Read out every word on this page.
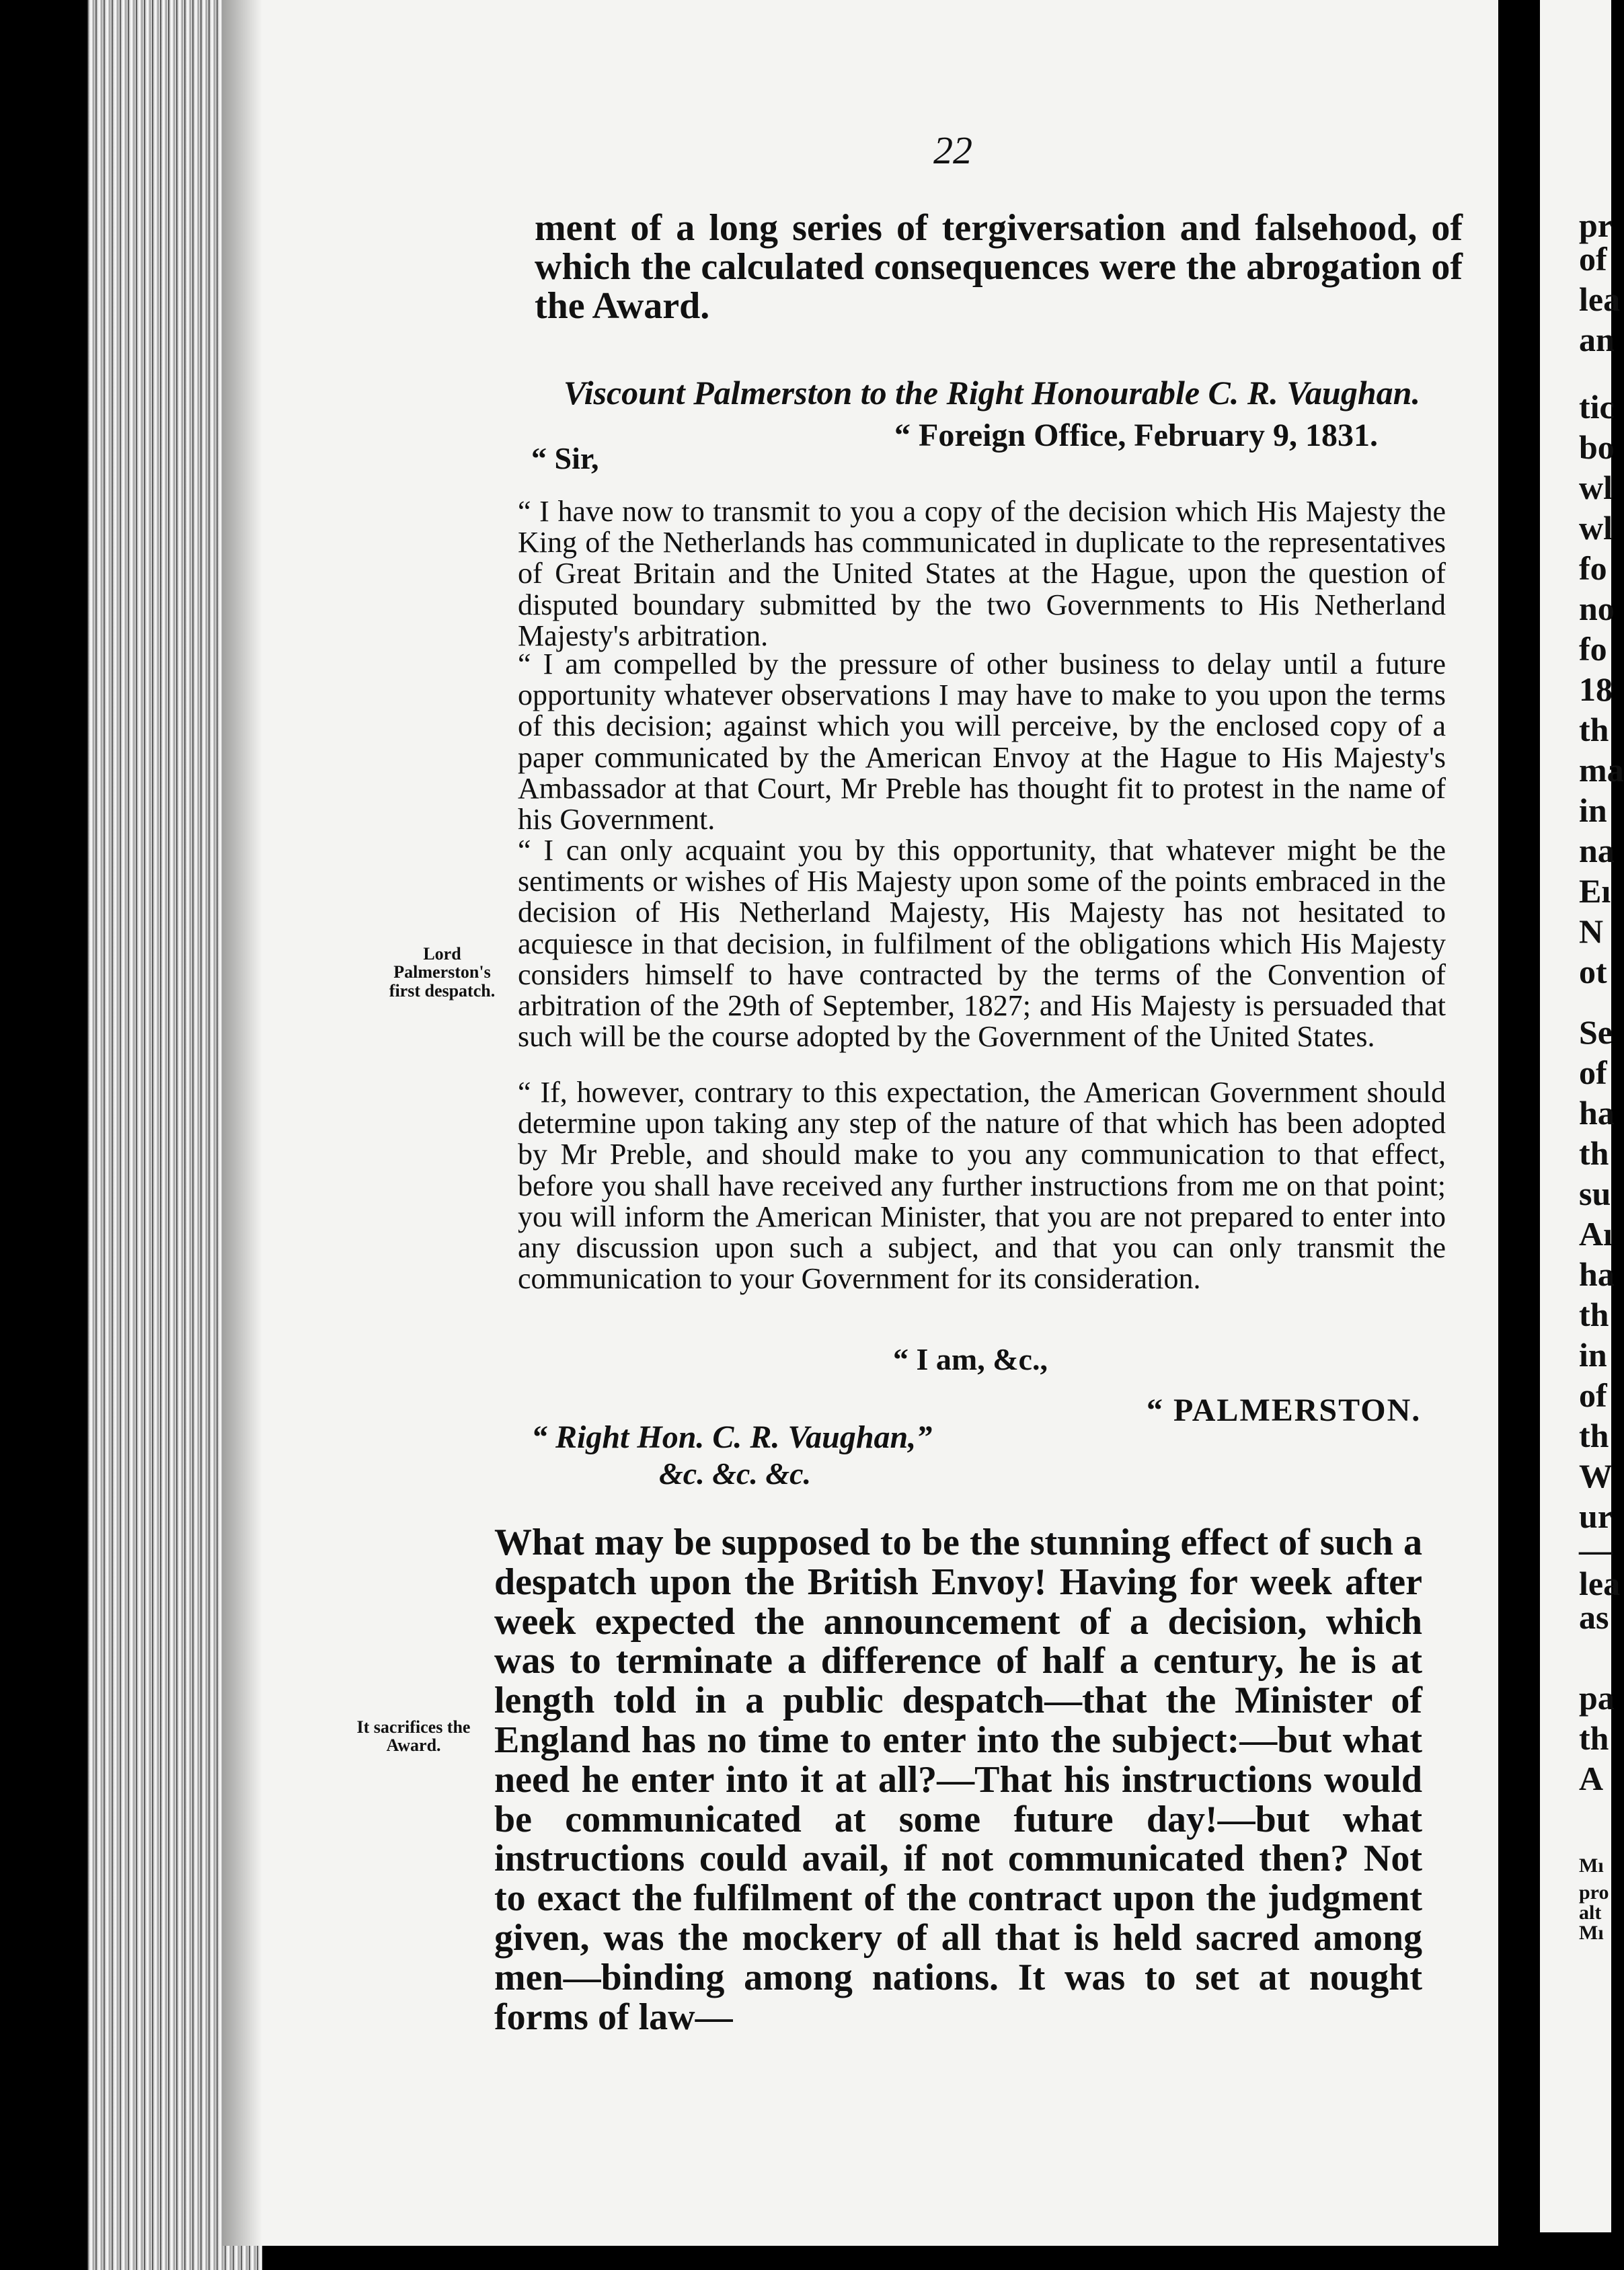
22
ment of a long series of tergiversation and falsehood, of which the calculated consequences were the abrogation of the Award.
Viscount Palmerston to the Right Honourable C. R. Vaughan.
“ Foreign Office, February 9, 1831.
“ Sir,
“ I have now to transmit to you a copy of the decision which His Majesty the King of the Netherlands has communicated in duplicate to the representatives of Great Britain and the United States at the Hague, upon the question of disputed boundary submitted by the two Governments to His Netherland Majesty's arbitration.
“ I am compelled by the pressure of other business to delay until a future opportunity whatever observations I may have to make to you upon the terms of this decision; against which you will perceive, by the enclosed copy of a paper communicated by the American Envoy at the Hague to His Majesty's Ambassador at that Court, Mr Preble has thought fit to protest in the name of his Government.
“ I can only acquaint you by this opportunity, that whatever might be the sentiments or wishes of His Majesty upon some of the points embraced in the decision of His Netherland Majesty, His Majesty has not hesitated to acquiesce in that decision, in fulfilment of the obligations which His Majesty considers himself to have contracted by the terms of the Convention of arbitration of the 29th of September, 1827; and His Majesty is persuaded that such will be the course adopted by the Government of the United States.
“ If, however, contrary to this expectation, the American Government should determine upon taking any step of the nature of that which has been adopted by Mr Preble, and should make to you any communication to that effect, before you shall have received any further instructions from me on that point; you will inform the American Minister, that you are not prepared to enter into any discussion upon such a subject, and that you can only transmit the communication to your Government for its consideration.
“ I am, &c.,
“ PALMERSTON.
“ Right Hon. C. R. Vaughan,”
&c. &c. &c.
What may be supposed to be the stunning effect of such a despatch upon the British Envoy! Having for week after week expected the announcement of a decision, which was to terminate a difference of half a century, he is at length told in a public despatch—that the Minister of England has no time to enter into the subject:—but what need he enter into it at all?—That his instructions would be communicated at some future day!—but what instructions could avail, if not communicated then? Not to exact the fulfilment of the contract upon the judgment given, was the mockery of all that is held sacred among men—binding among nations. It was to set at nought forms of law—
Lord Palmerston's first despatch.
It sacrifices the Award.
pr
of
lea
an
tic
bo
wl
wl
fo
no
fo
18
th
ma
in
na
Eı
N
ot
Se
of
ha
th
su
Aı
ha
th
in
of
th
W
ur
—
lea
as
pa
th
A
Mı
pro
alt
Mı
